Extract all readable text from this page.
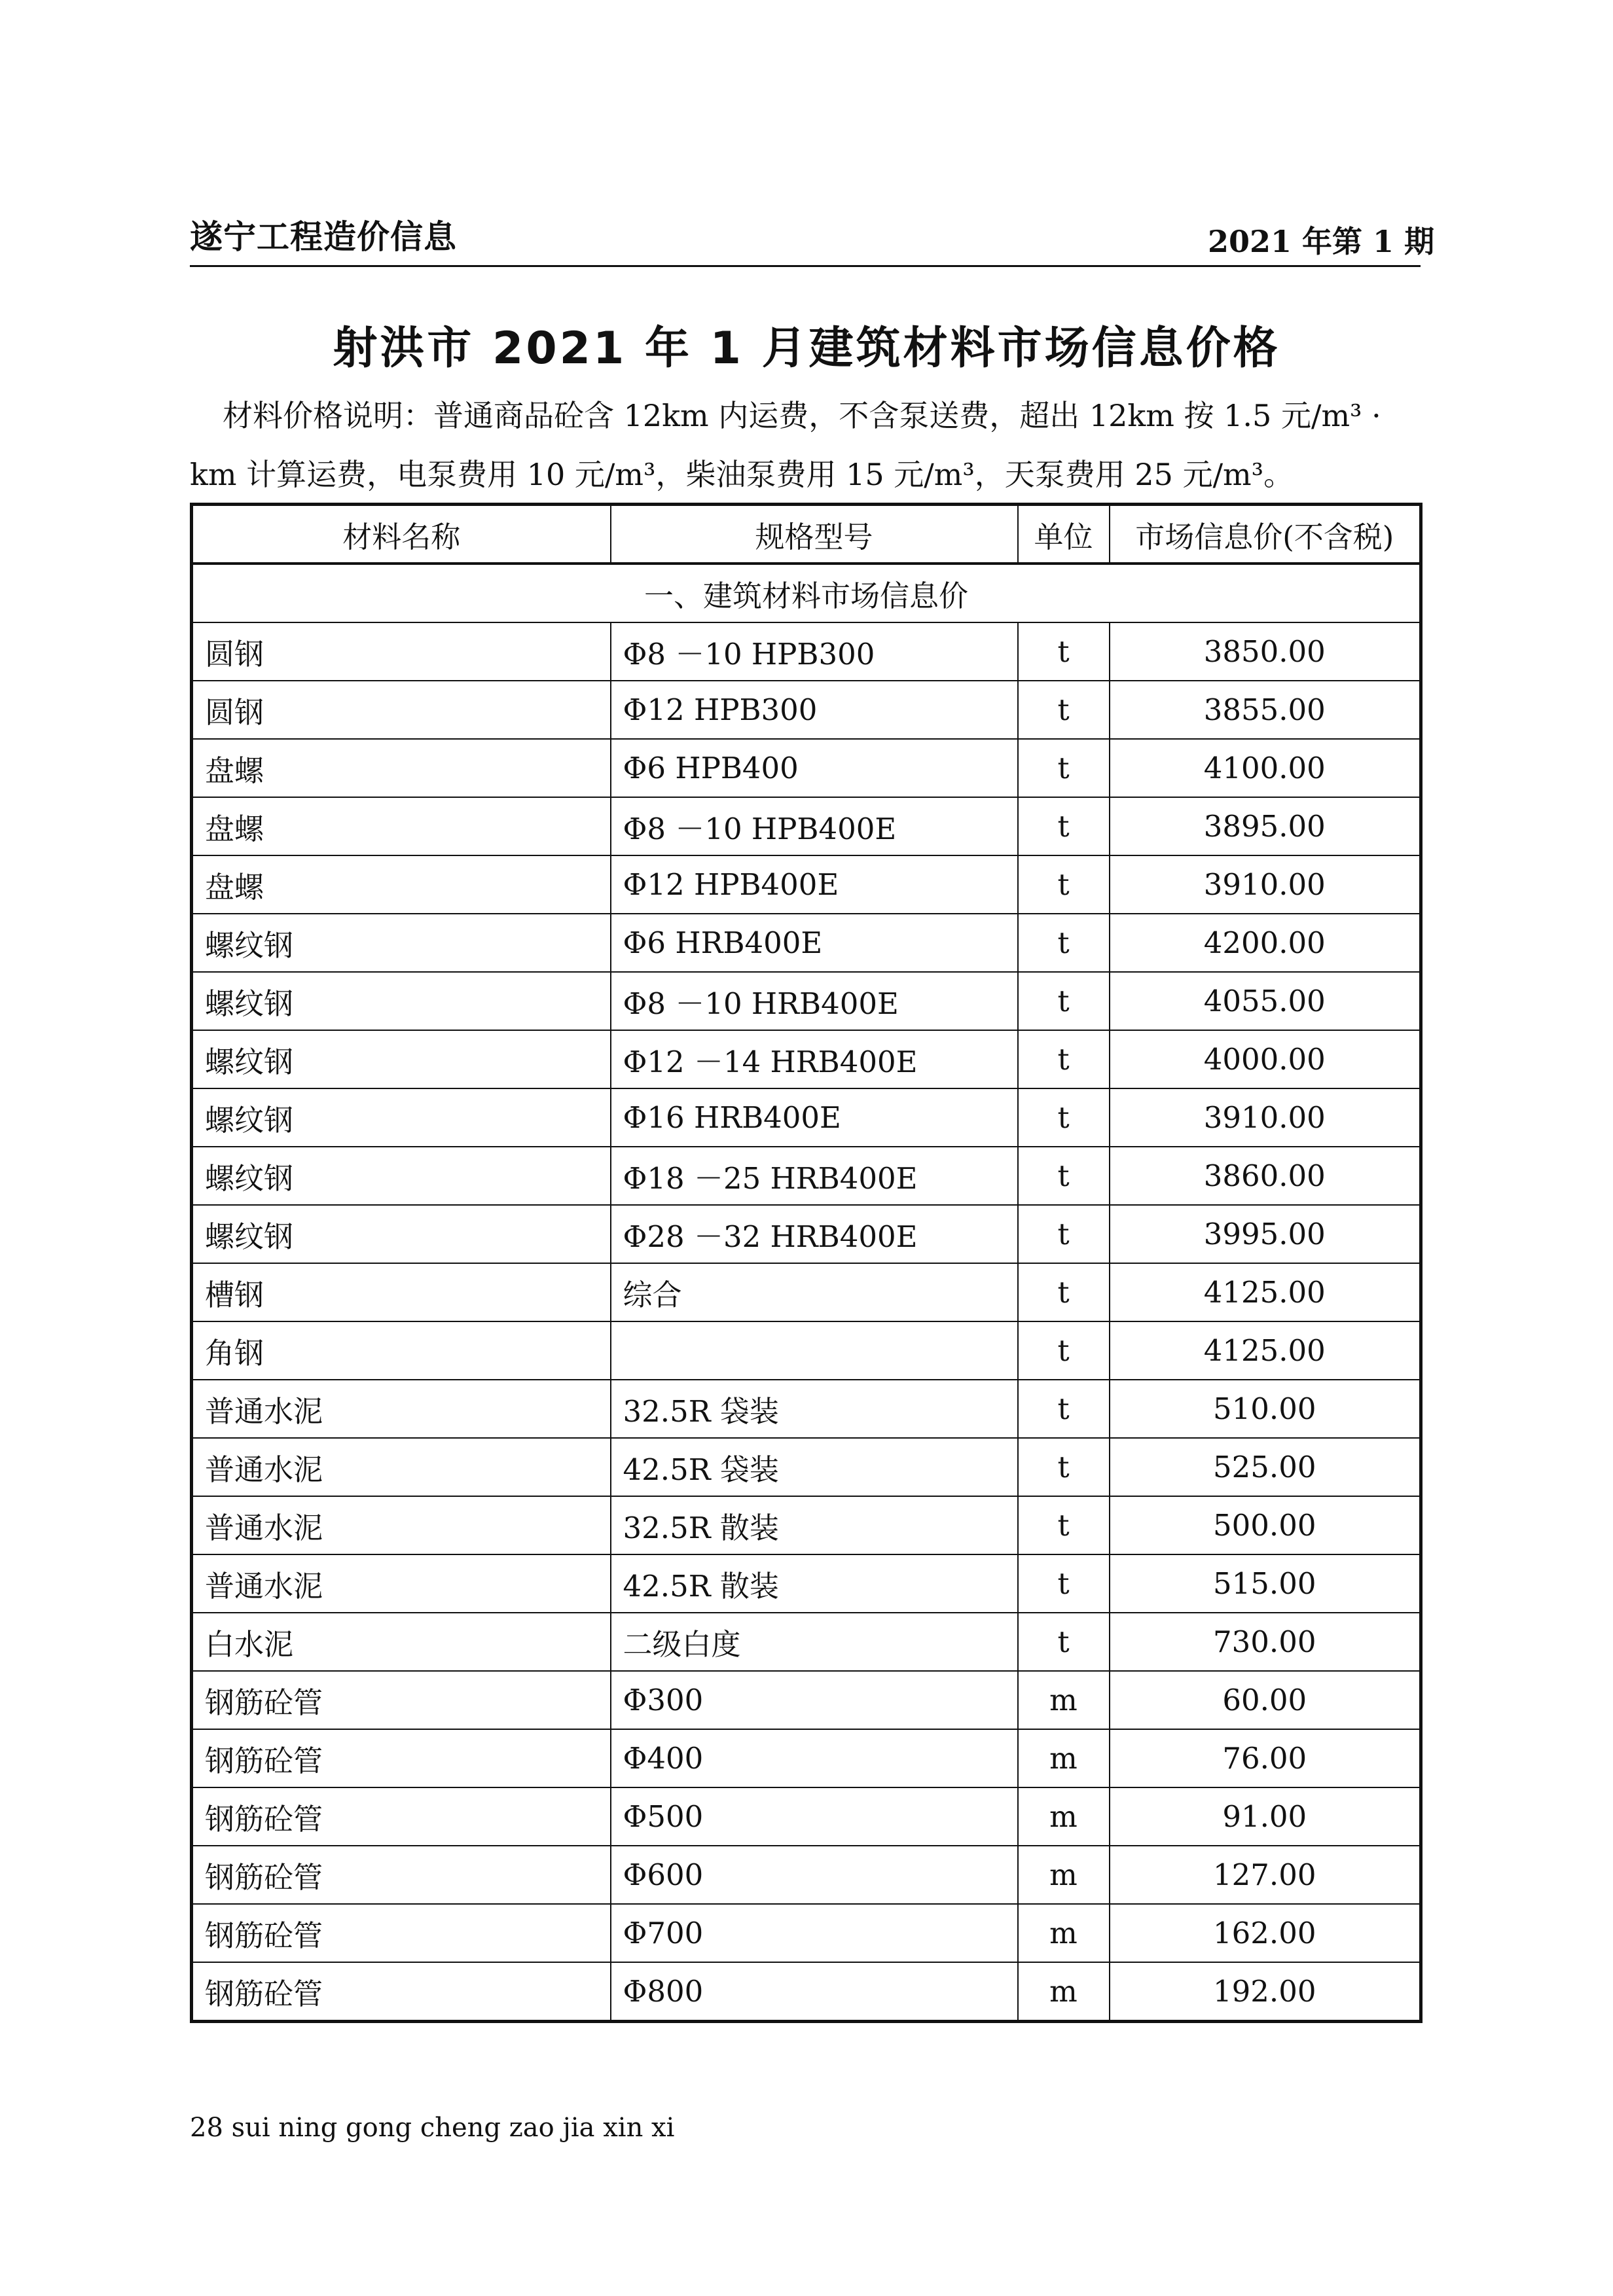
遂宁工程造价信息	2021 年第 1 期
射洪市 2021 年 1 月建筑材料市场信息价格
材料价格说明：普通商品砼含 12km 内运费，不含泵送费，超出 12km 按 1.5 元/m³ · km 计算运费，电泵费用 10 元/m³，柴油泵费用 15 元/m³，天泵费用 25 元/m³。
材料名称	规格型号	单位	市场信息价(不含税)
一、建筑材料市场信息价			
圆钢	Φ8 －10 HPB300	t	3850.00
圆钢	Φ12 HPB300	t	3855.00
盘螺	Φ6 HPB400	t	4100.00
盘螺	Φ8 －10 HPB400E	t	3895.00
盘螺	Φ12 HPB400E	t	3910.00
螺纹钢	Φ6 HRB400E	t	4200.00
螺纹钢	Φ8 －10 HRB400E	t	4055.00
螺纹钢	Φ12 －14 HRB400E	t	4000.00
螺纹钢	Φ16 HRB400E	t	3910.00
螺纹钢	Φ18 －25 HRB400E	t	3860.00
螺纹钢	Φ28 －32 HRB400E	t	3995.00
槽钢	综合	t	4125.00
角钢		t	4125.00
普通水泥	32.5R 袋装	t	510.00
普通水泥	42.5R 袋装	t	525.00
普通水泥	32.5R 散装	t	500.00
普通水泥	42.5R 散装	t	515.00
白水泥	二级白度	t	730.00
钢筋砼管	Φ300	m	60.00
钢筋砼管	Φ400	m	76.00
钢筋砼管	Φ500	m	91.00
钢筋砼管	Φ600	m	127.00
钢筋砼管	Φ700	m	162.00
钢筋砼管	Φ800	m	192.00
28 sui ning gong cheng zao jia xin xi
